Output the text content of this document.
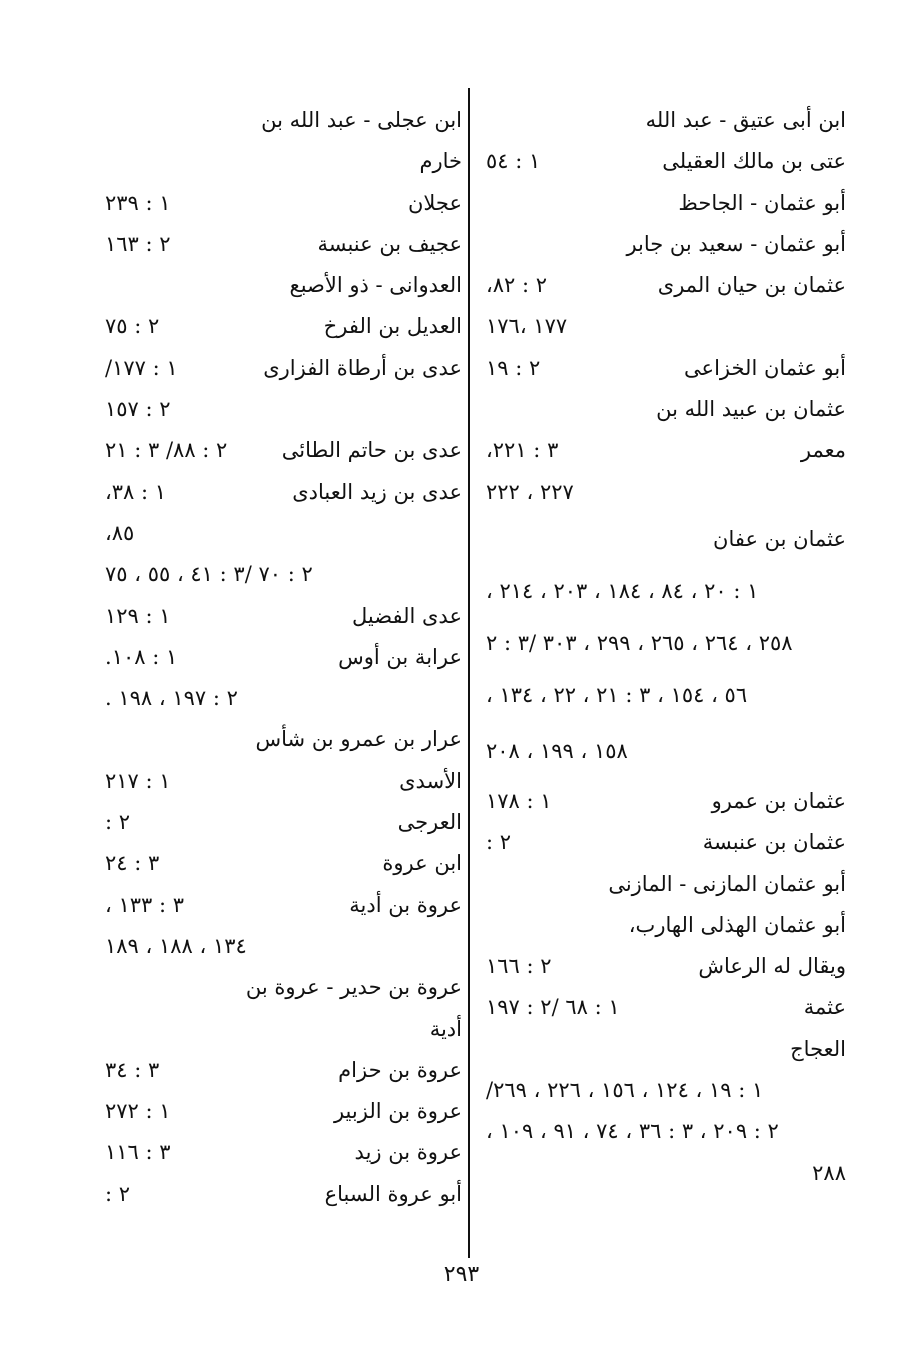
ابن أبى عتيق - عبد الله
عتى بن مالك العقيلى
١ : ٥٤
أبو عثمان - الجاحظ
أبو عثمان - سعيد بن جابر
عثمان بن حيان المرى
٢ : ٨٢،
١٧٧ ،١٧٦
أبو عثمان الخزاعى
٢ : ١٩
عثمان بن عبيد الله بن
معمر
٣ : ٢٢١،
٢٢٧ ، ٢٢٢
عثمان بن عفان
١ : ٢٠ ، ٨٤ ، ١٨٤ ، ٢٠٣ ، ٢١٤ ،
٢٥٨ ، ٢٦٤ ، ٢٦٥ ، ٢٩٩ ، ٣٠٣ /٣ : ٢
٥٦ ، ١٥٤ ، ٣ : ٢١ ، ٢٢ ، ١٣٤ ،
١٥٨ ، ١٩٩ ، ٢٠٨
عثمان بن عمرو
١ : ١٧٨
عثمان بن عنبسة
٢ :
أبو عثمان المازنى - المازنى
أبو عثمان الهذلى الهارب،
ويقال له الرعاش
٢ : ١٦٦
عثمة
١ : ٦٨ /٢ : ١٩٧
العجاج
١ : ١٩ ، ١٢٤ ، ١٥٦ ، ٢٢٦ ، ٢٦٩/
٢ : ٢٠٩ ، ٣ : ٣٦ ، ٧٤ ، ٩١ ، ١٠٩ ،
٢٨٨
ابن عجلى - عبد الله بن
خارم
عجلان
١ : ٢٣٩
عجيف بن عنبسة
٢ : ١٦٣
العدوانى - ذو الأصبع
العديل بن الفرخ
٢ : ٧٥
عدى بن أرطاة الفزارى
١ : ١٧٧/
٢ : ١٥٧
عدى بن حاتم الطائى
٢ : ٨٨/ ٣ : ٢١
عدى بن زيد العبادى
١ : ٣٨،
٨٥،
٢ : ٧٠ /٣ : ٤١ ، ٥٥ ، ٧٥
عدى الفضيل
١ : ١٢٩
عرابة بن أوس
١ : ١٠٨.
٢ : ١٩٧ ، ١٩٨ .
عرار بن عمرو بن شأس
الأسدى
١ : ٢١٧
العرجى
٢ :
ابن عروة
٣ : ٢٤
عروة بن أدية
٣ : ١٣٣ ،
١٣٤ ، ١٨٨ ، ١٨٩
عروة بن حدير - عروة بن
أدية
عروة بن حزام
٣ : ٣٤
عروة بن الزبير
١ : ٢٧٢
عروة بن زيد
٣ : ١١٦
أبو عروة السباع
٢ :
٢٩٣
